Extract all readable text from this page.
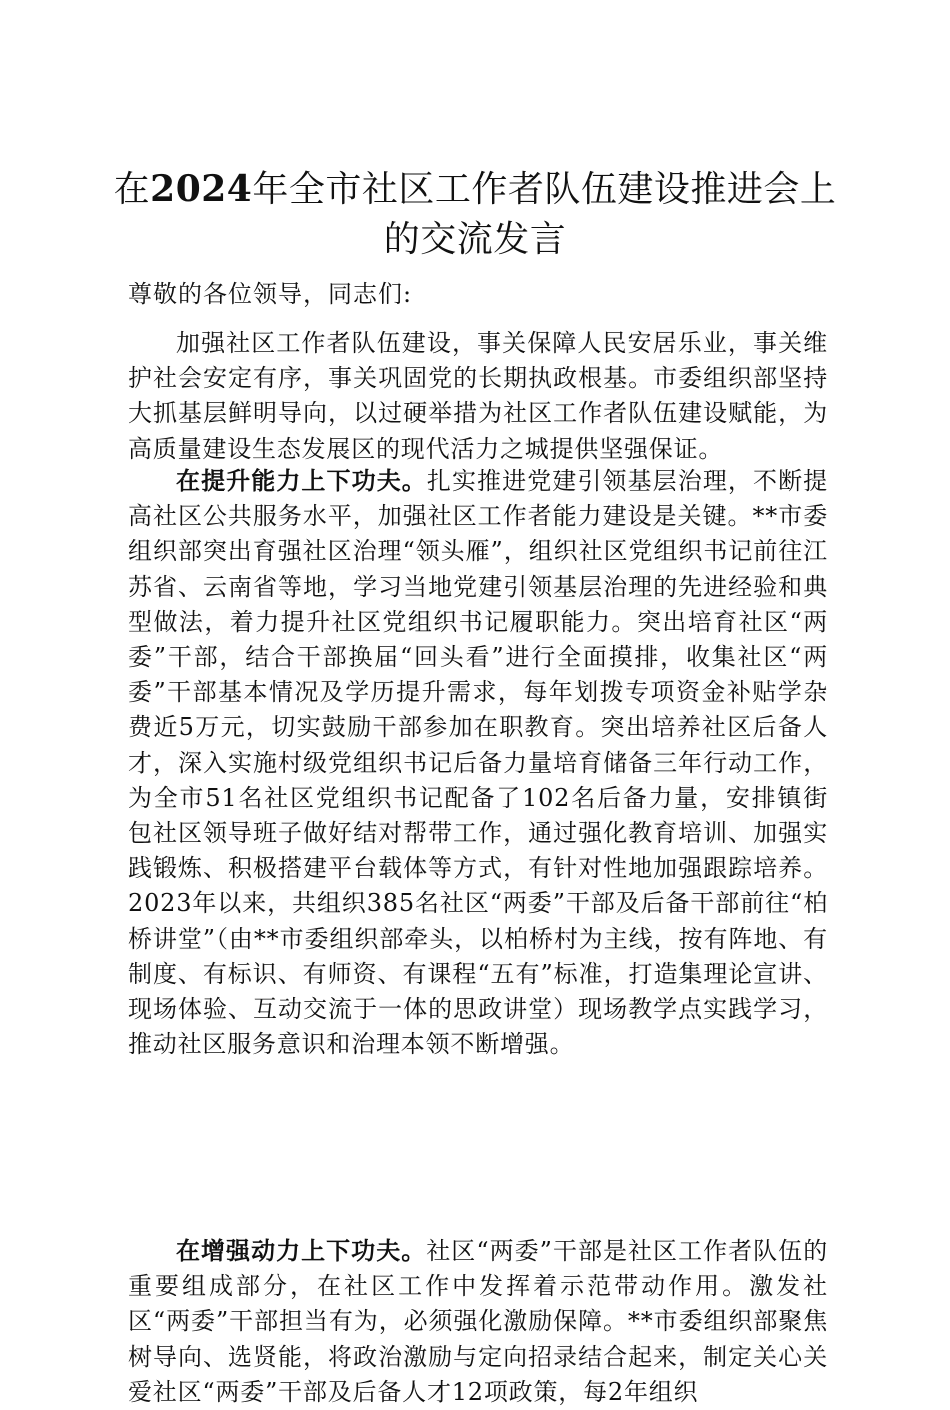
在2024年全市社区工作者队伍建设推进会上的交流发言

尊敬的各位领导，同志们:

加强社区工作者队伍建设，事关保障人民安居乐业，事关维护社会安定有序，事关巩固党的长期执政根基。市委组织部坚持大抓基层鲜明导向，以过硬举措为社区工作者队伍建设赋能，为高质量建设生态发展区的现代活力之城提供坚强保证。

在提升能力上下功夫。扎实推进党建引领基层治理，不断提高社区公共服务水平，加强社区工作者能力建设是关键。**市委组织部突出育强社区治理“领头雁”，组织社区党组织书记前往江苏省、云南省等地，学习当地党建引领基层治理的先进经验和典型做法，着力提升社区党组织书记履职能力。突出培育社区“两委”干部，结合干部换届“回头看”进行全面摸排，收集社区“两委”干部基本情况及学历提升需求，每年划拨专项资金补贴学杂费近5万元，切实鼓励干部参加在职教育。突出培养社区后备人才，深入实施村级党组织书记后备力量培育储备三年行动工作，为全市51名社区党组织书记配备了102名后备力量，安排镇街包社区领导班子做好结对帮带工作，通过强化教育培训、加强实践锻炼、积极搭建平台载体等方式，有针对性地加强跟踪培养。2023年以来，共组织385名社区“两委”干部及后备干部前往“柏桥讲堂”（由**市委组织部牵头，以柏桥村为主线，按有阵地、有制度、有标识、有师资、有课程“五有”标准，打造集理论宣讲、现场体验、互动交流于一体的思政讲堂）现场教学点实践学习，推动社区服务意识和治理本领不断增强。

在增强动力上下功夫。社区“两委”干部是社区工作者队伍的重要组成部分，在社区工作中发挥着示范带动作用。激发社区“两委”干部担当有为，必须强化激励保障。**市委组织部聚焦树导向、选贤能，将政治激励与定向招录结合起来，制定关心关爱社区“两委”干部及后备人才12项政策，每2年组织
